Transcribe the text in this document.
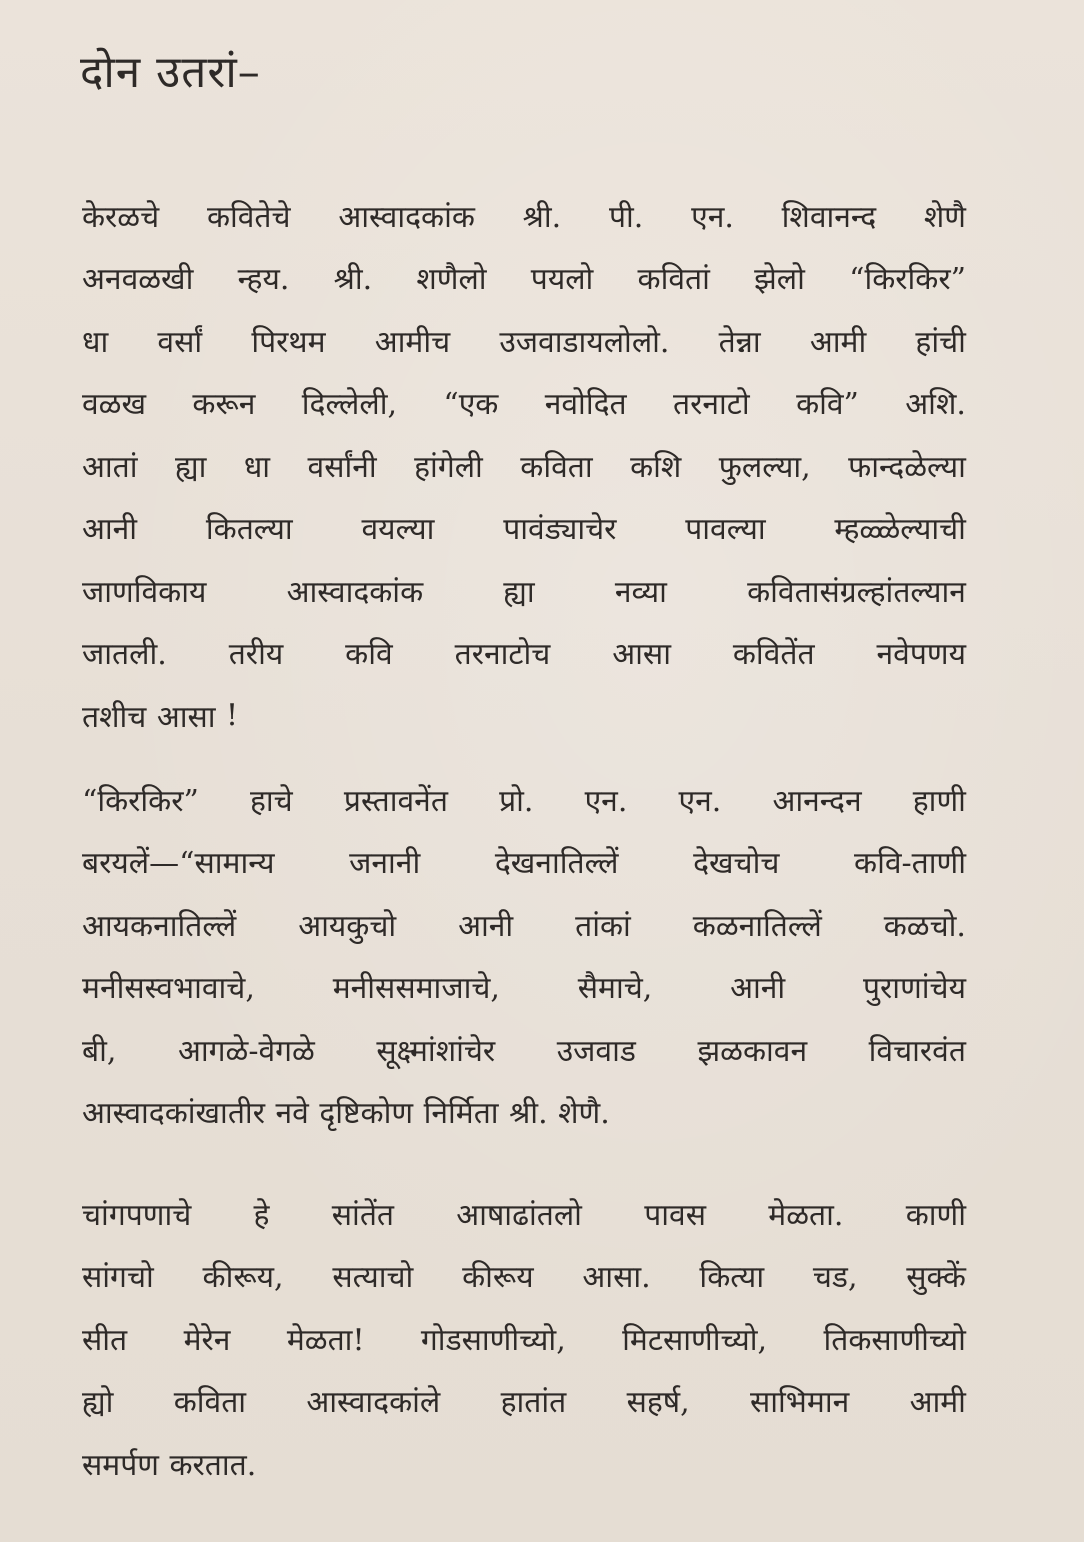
दोन उतरां–
केरळचे कवितेचे आस्वादकांक श्री. पी. एन. शिवानन्द शेणै
अनवळखी न्हय. श्री. शणैलो पयलो कवितां झेलो “किरकिर”
धा वर्सां पिरथम आमीच उजवाडायलोलो. तेन्ना आमी हांची
वळख करून दिल्लेली, “एक नवोदित तरनाटो कवि” अशि.
आतां ह्या धा वर्सांनी हांगेली कविता कशि फुलल्या, फान्दळेल्या
आनी कितल्या वयल्या पावंड्याचेर पावल्या म्हळ्ळेल्याची
जाणविकाय	आस्वादकांक	ह्या	नव्या	कवितासंग्रल्हांतल्यान
जातली. तरीय कवि तरनाटोच आसा कवितेंत नवेपणय
तशीच आसा !
“किरकिर” हाचे प्रस्तावनेंत प्रो. एन. एन. आनन्दन हाणी
बरयलें—“सामान्य जनानी देखनातिल्लें देखचोच कवि-ताणी
आयकनातिल्लें आयकुचो आनी तांकां कळनातिल्लें कळचो.
मनीसस्वभावाचे,	मनीससमाजाचे,	सैमाचे,	आनी	पुराणांचेय
बी, आगळे-वेगळे सूक्ष्मांशांचेर उजवाड झळकावन विचारवंत
आस्वादकांखातीर नवे दृष्टिकोण निर्मिता श्री. शेणै.
चांगपणाचे हे सांतेंत आषाढांतलो पावस मेळता. काणी
सांगचो कीरूय, सत्याचो कीरूय आसा. कित्या चड, सुक्कें
सीत मेरेन मेळता! गोडसाणीच्यो, मिटसाणीच्यो, तिकसाणीच्यो
ह्यो कविता आस्वादकांले हातांत सहर्ष, साभिमान आमी
समर्पण करतात.
